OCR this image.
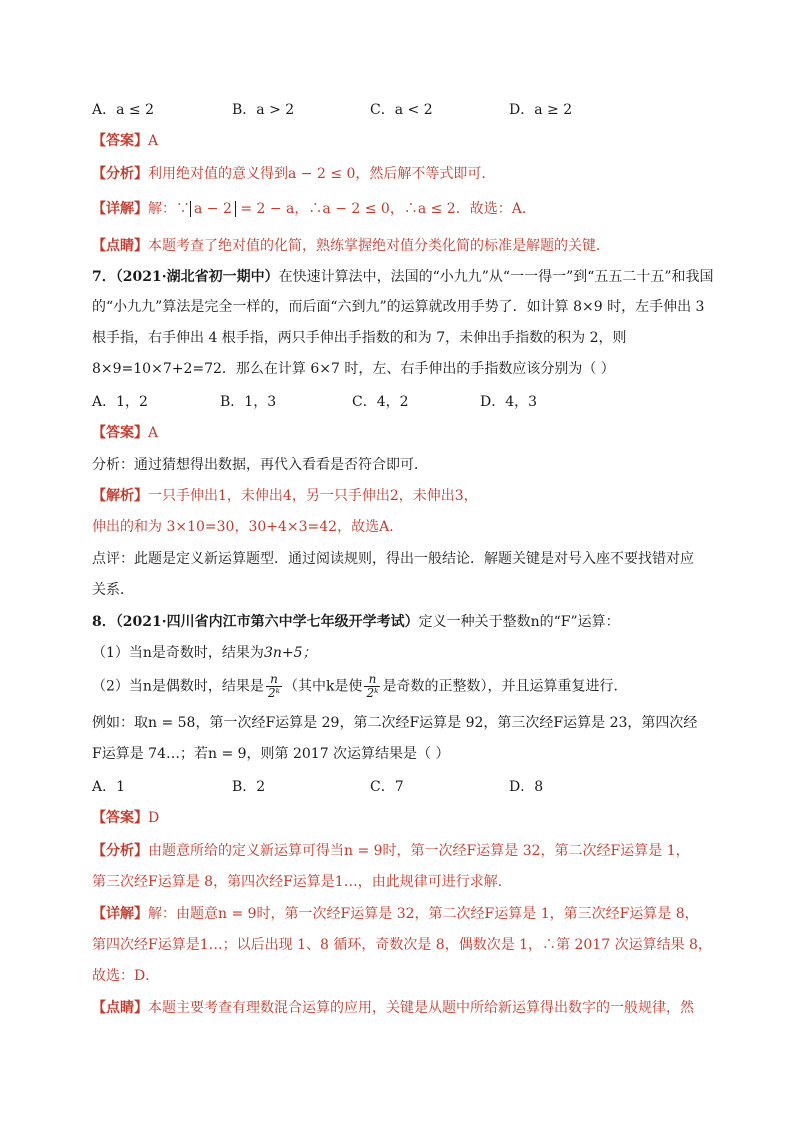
A．a ≤ 2	B．a > 2	C．a < 2	D．a ≥ 2
【答案】A
【分析】利用绝对值的意义得到a − 2 ≤ 0，然后解不等式即可．
【详解】解：∵ a − 2 = 2 − a，∴a − 2 ≤ 0，∴a ≤ 2．故选：A．
【点睛】本题考查了绝对值的化简，熟练掌握绝对值分类化简的标准是解题的关键．
7．（2021·湖北省初一期中）在快速计算法中，法国的“小九九”从“一一得一”到“五五二十五”和我国
的“小九九”算法是完全一样的，而后面“六到九”的运算就改用手势了．如计算 8×9 时，左手伸出 3
根手指，右手伸出 4 根手指，两只手伸出手指数的和为 7，未伸出手指数的积为 2，则
8×9=10×7+2=72．那么在计算 6×7 时，左、右手伸出的手指数应该分别为（ ）
A．1，2	B．1，3	C．4，2	D．4，3
【答案】A
分析：通过猜想得出数据，再代入看看是否符合即可．
【解析】一只手伸出1，未伸出4，另一只手伸出2，未伸出3，
伸出的和为 3×10=30，30+4×3=42，故选A．
点评：此题是定义新运算题型．通过阅读规则，得出一般结论．解题关键是对号入座不要找错对应
关系．
8．（2021·四川省内江市第六中学七年级开学考试）定义一种关于整数n的“F”运算：
（1）当n是奇数时，结果为3n+5；
（2）当n是偶数时，结果是 $\frac{n}{\text{2ᵏ}}$ （其中k是使 $\frac{n}{\text{2ᵏ}}$ 是奇数的正整数），并且运算重复进行．
例如：取n = 58，第一次经F运算是 29，第二次经F运算是 92，第三次经F运算是 23，第四次经
F运算是 74…；若n = 9，则第 2017 次运算结果是（ ）
A．1	B．2	C．7	D．8
【答案】D
【分析】由题意所给的定义新运算可得当n = 9时，第一次经F运算是 32，第二次经F运算是 1，
第三次经F运算是 8，第四次经F运算是1…，由此规律可进行求解．
【详解】解：由题意n = 9时，第一次经F运算是 32，第二次经F运算是 1，第三次经F运算是 8，
第四次经F运算是1…；以后出现 1、8 循环，奇数次是 8，偶数次是 1，∴第 2017 次运算结果 8，
故选：D．
【点睛】本题主要考查有理数混合运算的应用，关键是从题中所给新运算得出数字的一般规律，然
